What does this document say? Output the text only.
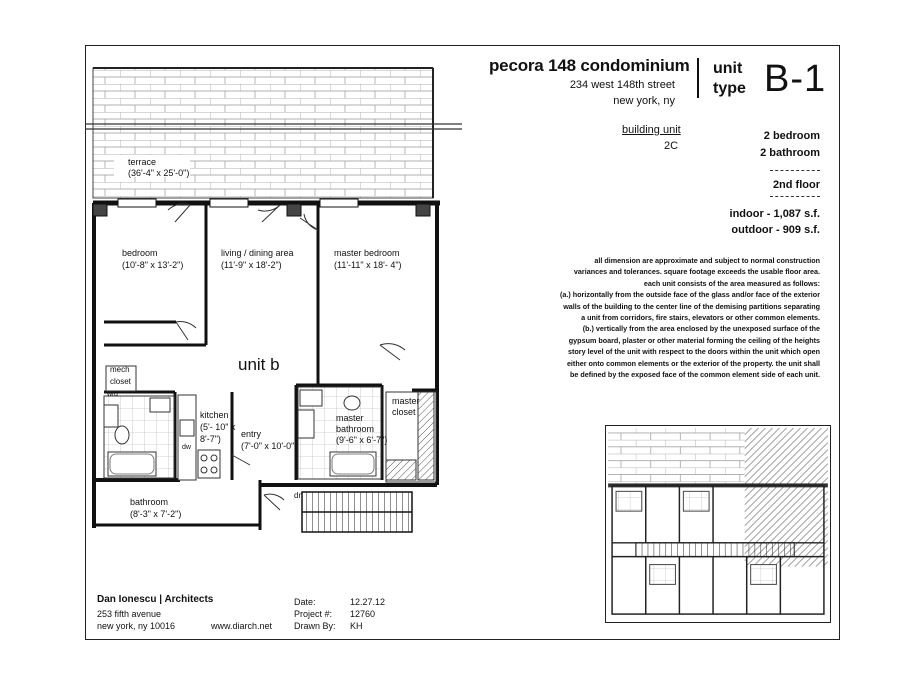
terrace
(36'-4" x 25'-0")
bedroom
(10'-8" x 13'-2")
living / dining area
(11'-9" x 18'-2")
master bedroom
(11'-11" x 18'- 4")
unit b
mech
closet
w/d
kitchen
(5'- 10" x
8'-7")
dw
entry
(7'-0" x 10'-0")
master
bathroom
(9'-6" x 6'-7")
master
closet
bathroom
(8'-3" x 7'-2")
dn
pecora 148 condominium
234 west 148th street
new york, ny
unit
type B-1
building unit
2C
2 bedroom
2 bathroom
2nd floor
indoor - 1,087 s.f.
outdoor - 909 s.f.

all dimension are approximate and subject to normal construction

variances and tolerances. square footage exceeds the usable floor area.

each unit consists of the area measured as follows:

(a.) horizontally from the outside face of the glass and/or face of the exterior

walls of the building to the center line of the demising partitions separating

a unit from corridors, fire stairs, elevators or other common elements.

(b.) vertically from the area enclosed by the unexposed surface of the

gypsum board, plaster or other material forming the ceiling of the heights

story level of the unit with respect to the doors within the unit which open

either onto common elements or the exterior of the property. the unit shall

be defined by the exposed face of the common element side of each unit.

Dan Ionescu | Architects
253 fifth avenue
new york, ny 10016	www.diarch.net
Date:	12.27.12
Project #: 12760
Drawn By: KH
